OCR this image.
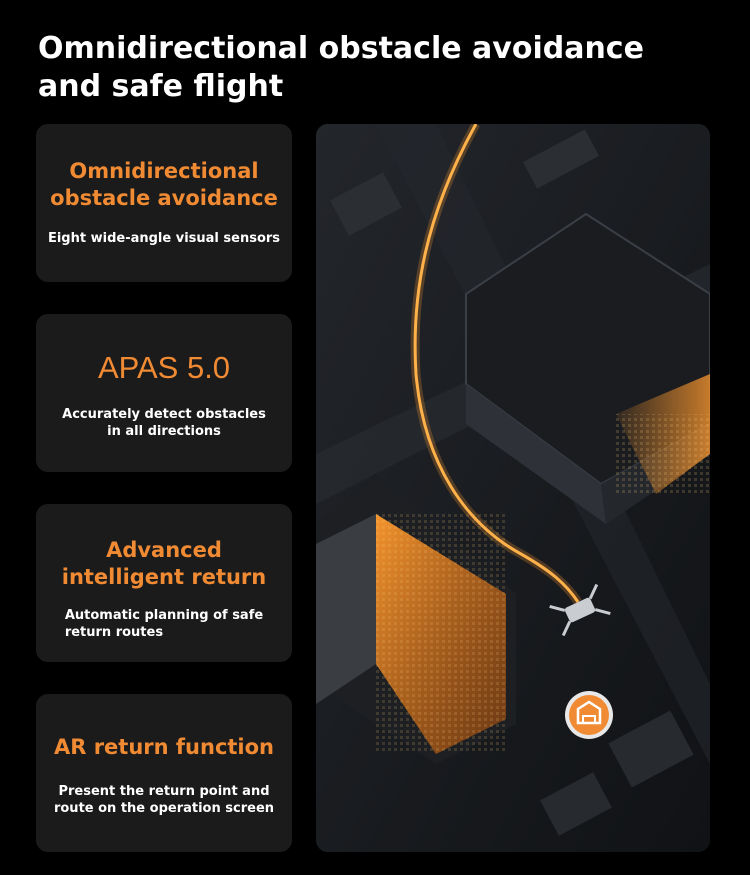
Omnidirectional obstacle avoidance
and safe flight
Omnidirectional
obstacle avoidance
Eight wide-angle visual sensors
APAS 5.0
Accurately detect obstacles
in all directions
Advanced
intelligent return
Automatic planning of safe
return routes
AR return function
Present the return point and
route on the operation screen
